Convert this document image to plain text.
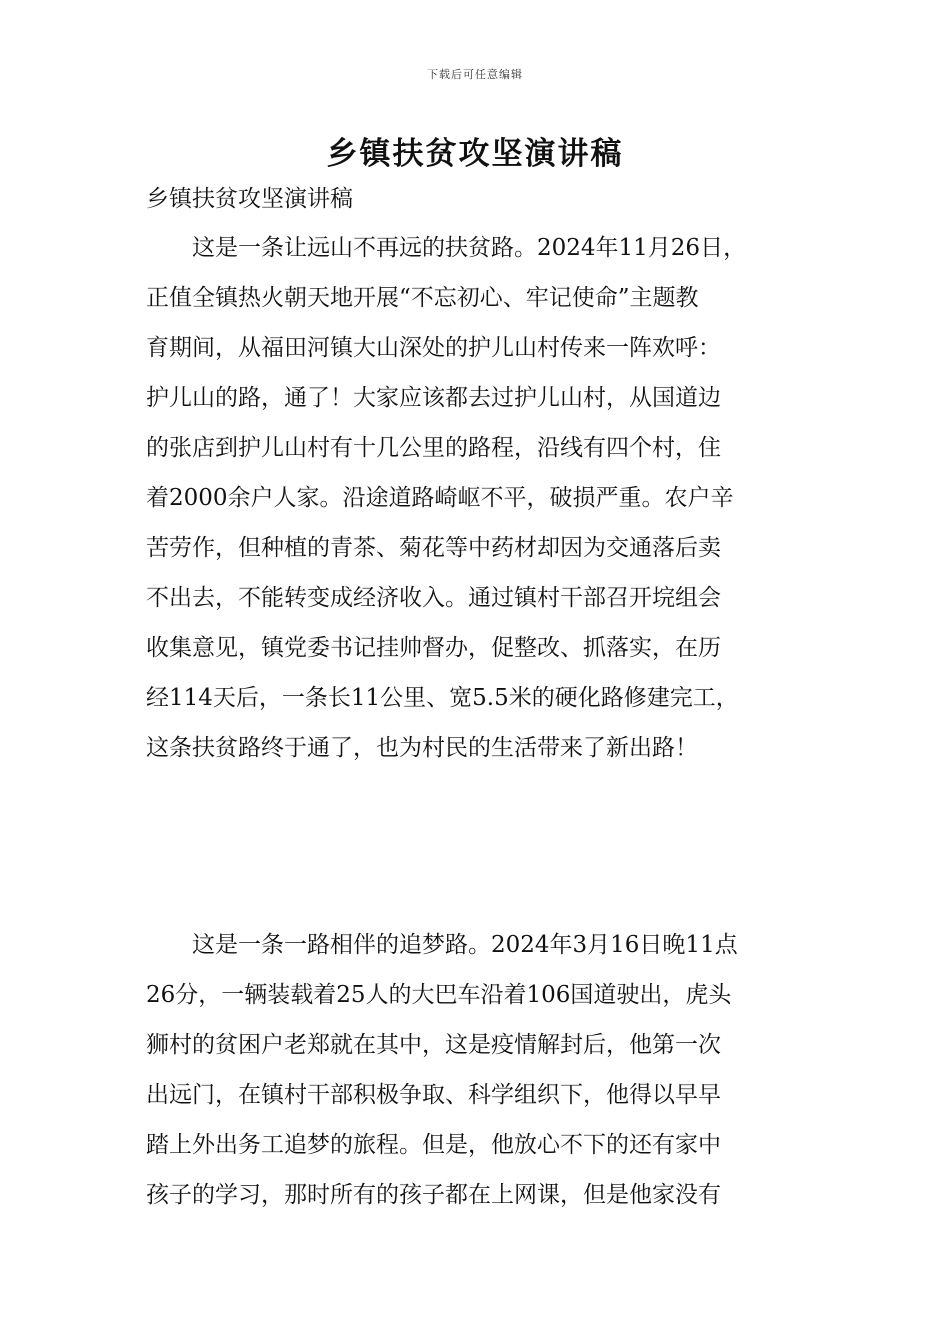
下载后可任意编辑
乡镇扶贫攻坚演讲稿

乡镇扶贫攻坚演讲稿

　　这是一条让远山不再远的扶贫路。2024年11月26日，
正值全镇热火朝天地开展“不忘初心、牢记使命”主题教
育期间，从福田河镇大山深处的护儿山村传来一阵欢呼：
护儿山的路，通了！大家应该都去过护儿山村，从国道边
的张店到护儿山村有十几公里的路程，沿线有四个村，住
着2000余户人家。沿途道路崎岖不平，破损严重。农户辛
苦劳作，但种植的青茶、菊花等中药材却因为交通落后卖
不出去，不能转变成经济收入。通过镇村干部召开垸组会
收集意见，镇党委书记挂帅督办，促整改、抓落实，在历
经114天后，一条长11公里、宽5.5米的硬化路修建完工，
这条扶贫路终于通了，也为村民的生活带来了新出路！
　　这是一条一路相伴的追梦路。2024年3月16日晚11点
26分，一辆装载着25人的大巴车沿着106国道驶出，虎头
狮村的贫困户老郑就在其中，这是疫情解封后，他第一次
出远门，在镇村干部积极争取、科学组织下，他得以早早
踏上外出务工追梦的旅程。但是，他放心不下的还有家中
孩子的学习，那时所有的孩子都在上网课，但是他家没有
